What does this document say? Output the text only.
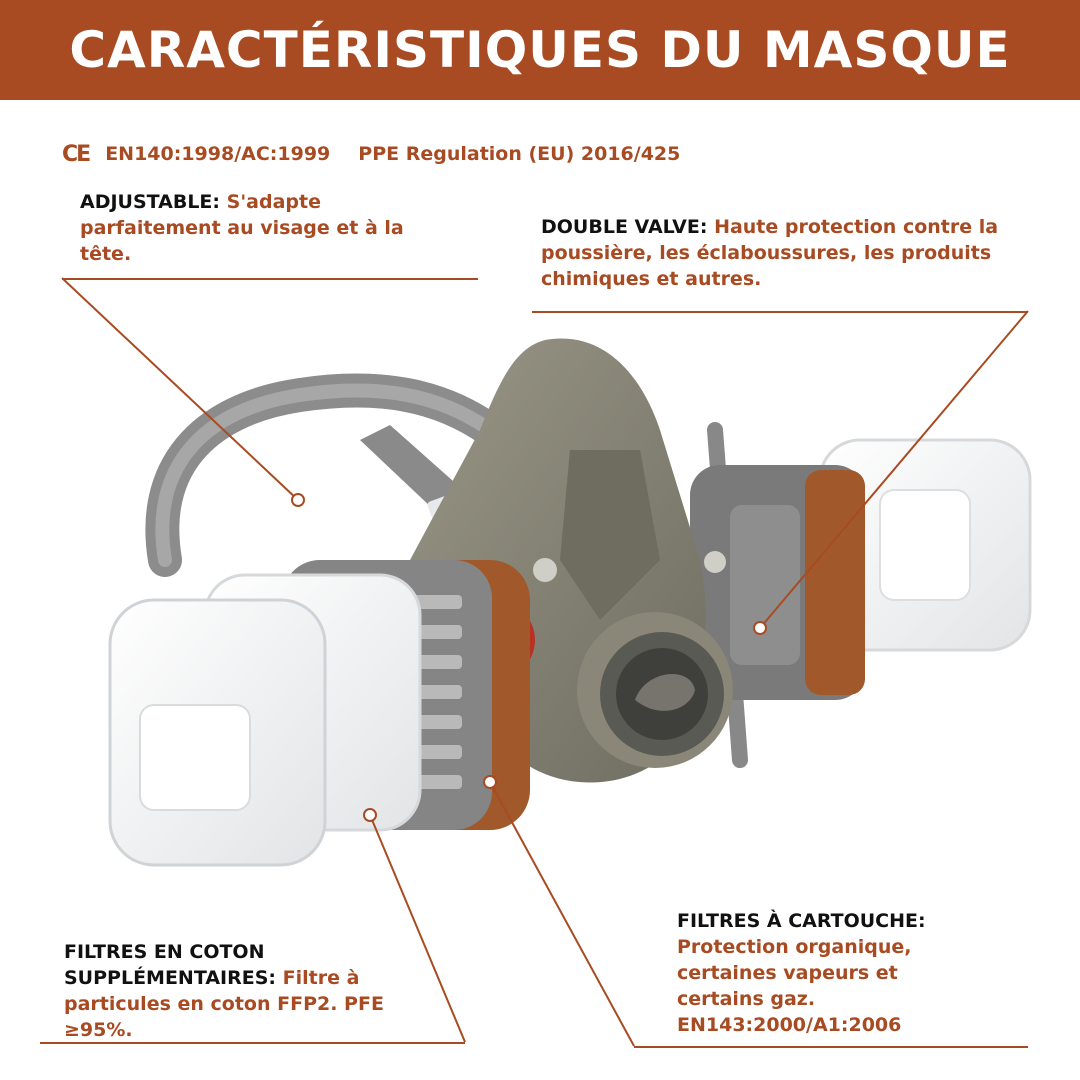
CARACTÉRISTIQUES DU MASQUE
CE EN140:1998/AC:1999 PPE Regulation (EU) 2016/425
ADJUSTABLE: S'adapte parfaitement au visage et à la tête.
DOUBLE VALVE: Haute protection contre la poussière, les éclaboussures, les produits chimiques et autres.
FILTRES EN COTON SUPPLÉMENTAIRES: Filtre à particules en coton FFP2. PFE ≥95%.
FILTRES À CARTOUCHE: Protection organique, certaines vapeurs et certains gaz. EN143:2000/A1:2006
